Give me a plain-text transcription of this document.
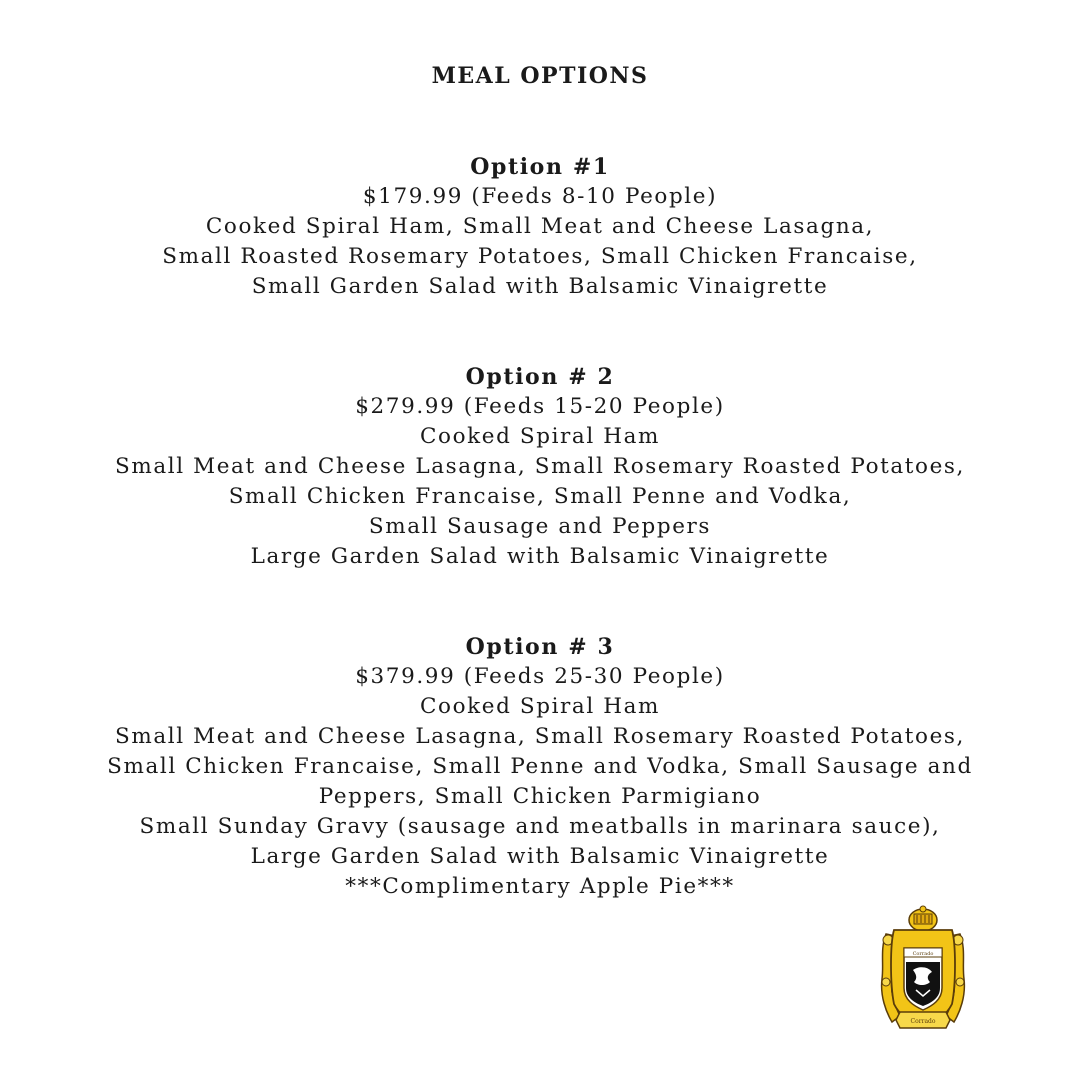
MEAL OPTIONS
Option #1
$179.99 (Feeds 8-10 People)
Cooked Spiral Ham, Small Meat and Cheese Lasagna,
Small Roasted Rosemary Potatoes, Small Chicken Francaise,
Small Garden Salad with Balsamic Vinaigrette
Option # 2
$279.99 (Feeds 15-20 People)
Cooked Spiral Ham
Small Meat and Cheese Lasagna, Small Rosemary Roasted Potatoes,
Small Chicken Francaise, Small Penne and Vodka,
Small Sausage and Peppers
Large Garden Salad with Balsamic Vinaigrette
Option # 3
$379.99 (Feeds 25-30 People)
Cooked Spiral Ham
Small Meat and Cheese Lasagna, Small Rosemary Roasted Potatoes,
Small Chicken Francaise, Small Penne and Vodka, Small Sausage and
Peppers, Small Chicken Parmigiano
Small Sunday Gravy (sausage and meatballs in marinara sauce),
Large Garden Salad with Balsamic Vinaigrette
***Complimentary Apple Pie***
Corrado
Corrado
